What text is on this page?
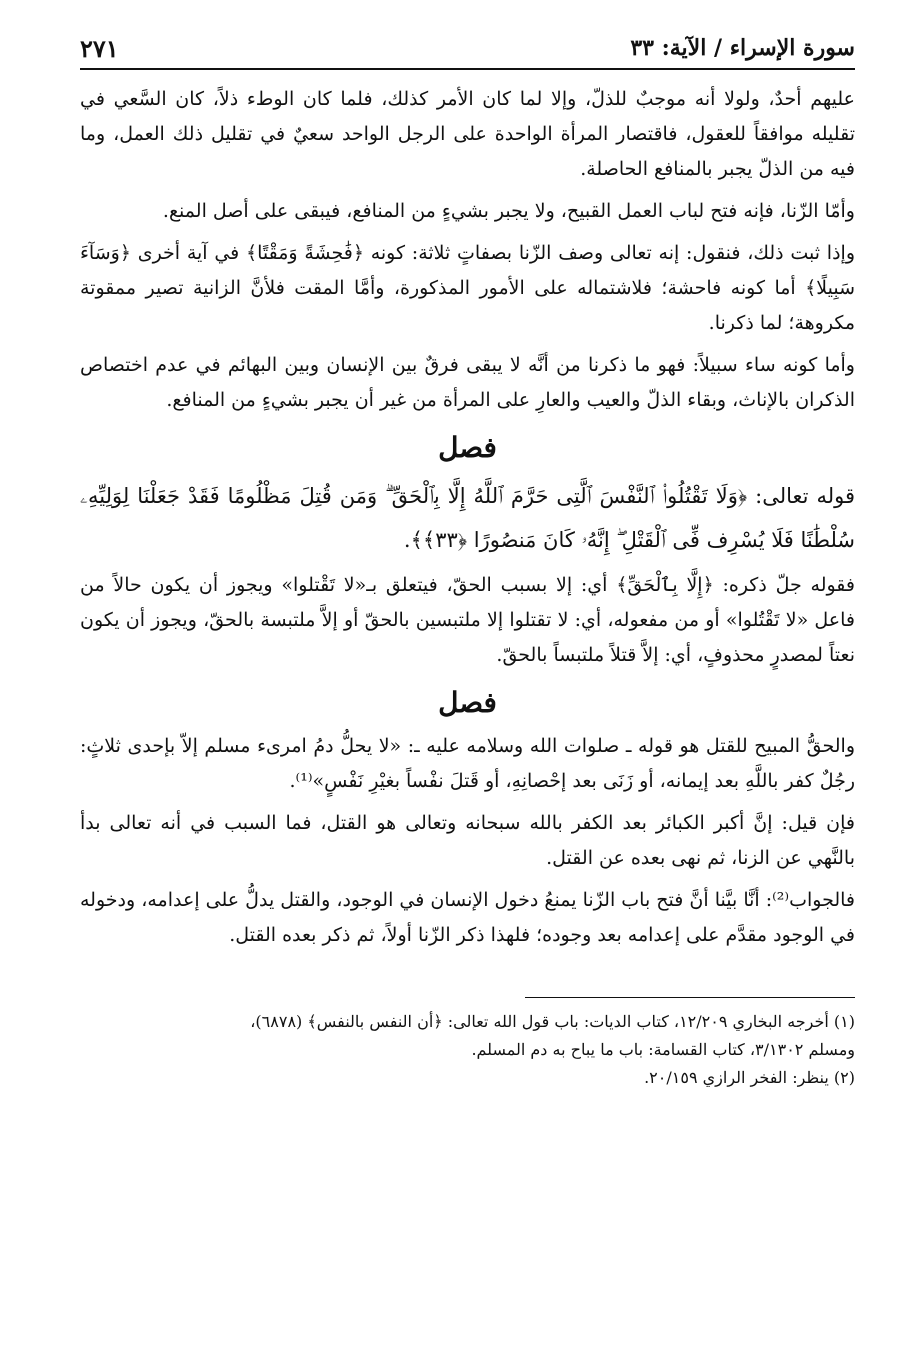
سورة الإسراء / الآية: ٣٣
٢٧١

عليهم أحدٌ، ولولا أنه موجبٌ للذلّ، وإلا لما كان الأمر كذلك، فلما كان الوطء ذلاً، كان السَّعي في تقليله موافقاً للعقول، فاقتصار المرأة الواحدة على الرجل الواحد سعيٌ في تقليل ذلك العمل، وما فيه من الذلّ يجبر بالمنافع الحاصلة.

وأمّا الزّنا، فإنه فتح لباب العمل القبيح، ولا يجبر بشيءٍ من المنافع، فيبقى على أصل المنع.

وإذا ثبت ذلك، فنقول: إنه تعالى وصف الزّنا بصفاتٍ ثلاثة: كونه ﴿فَٰحِشَةً وَمَقْتًا﴾ في آية أخرى ﴿وَسَآءَ سَبِيلًا﴾ أما كونه فاحشة؛ فلاشتماله على الأمور المذكورة، وأمَّا المقت فلأنَّ الزانية تصير ممقوتة مكروهة؛ لما ذكرنا.

وأما كونه ساء سبيلاً: فهو ما ذكرنا من أنَّه لا يبقى فرقٌ بين الإنسان وبين البهائم في عدم اختصاص الذكران بالإناث، وبقاء الذلّ والعيب والعارِ على المرأة من غير أن يجبر بشيءٍ من المنافع.

فصل

قوله تعالى: ﴿وَلَا تَقْتُلُوا۟ ٱلنَّفْسَ ٱلَّتِى حَرَّمَ ٱللَّهُ إِلَّا بِٱلْحَقِّ ۗ وَمَن قُتِلَ مَظْلُومًا فَقَدْ جَعَلْنَا لِوَلِيِّهِۦ سُلْطَٰنًا فَلَا يُسْرِف فِّى ٱلْقَتْلِ ۖ إِنَّهُۥ كَانَ مَنصُورًا ﴿٣٣﴾﴾.

فقوله جلّ ذكره: ﴿إِلَّا بِٱلْحَقِّ﴾ أي: إلا بسبب الحقّ، فيتعلق بـ«لا تَقْتلوا» ويجوز أن يكون حالاً من فاعل «لا تَقْتُلوا» أو من مفعوله، أي: لا تقتلوا إلا ملتبسين بالحقّ أو إلاَّ ملتبسة بالحقّ، ويجوز أن يكون نعتاً لمصدرٍ محذوفٍ، أي: إلاَّ قتلاً ملتبساً بالحقّ.

فصل

والحقُّ المبيح للقتل هو قوله ـ صلوات الله وسلامه عليه ـ: «لا يحلُّ دمُ امرىء مسلم إلاّ بإحدى ثلاثٍ: رجُلٌ كفر باللَّهِ بعد إيمانه، أو زَنَى بعد إحْصانِهِ، أو قَتلَ نفْساً بغيْرِ نَفْسٍ»⁽¹⁾.

فإن قيل: إنَّ أكبر الكبائر بعد الكفر بالله سبحانه وتعالى هو القتل، فما السبب في أنه تعالى بدأ بالنَّهي عن الزنا، ثم نهى بعده عن القتل.

فالجواب⁽²⁾: أنَّا بيَّنا أنَّ فتح باب الزّنا يمنعُ دخول الإنسان في الوجود، والقتل يدلُّ على إعدامه، ودخوله في الوجود مقدَّم على إعدامه بعد وجوده؛ فلهذا ذكر الزّنا أولاً، ثم ذكر بعده القتل.

(١) أخرجه البخاري ١٢/٢٠٩، كتاب الديات: باب قول الله تعالى: ﴿أن النفس بالنفس﴾ (٦٨٧٨)،

ومسلم ٣/١٣٠٢، كتاب القسامة: باب ما يباح به دم المسلم.

(٢) ينظر: الفخر الرازي ٢٠/١٥٩.
